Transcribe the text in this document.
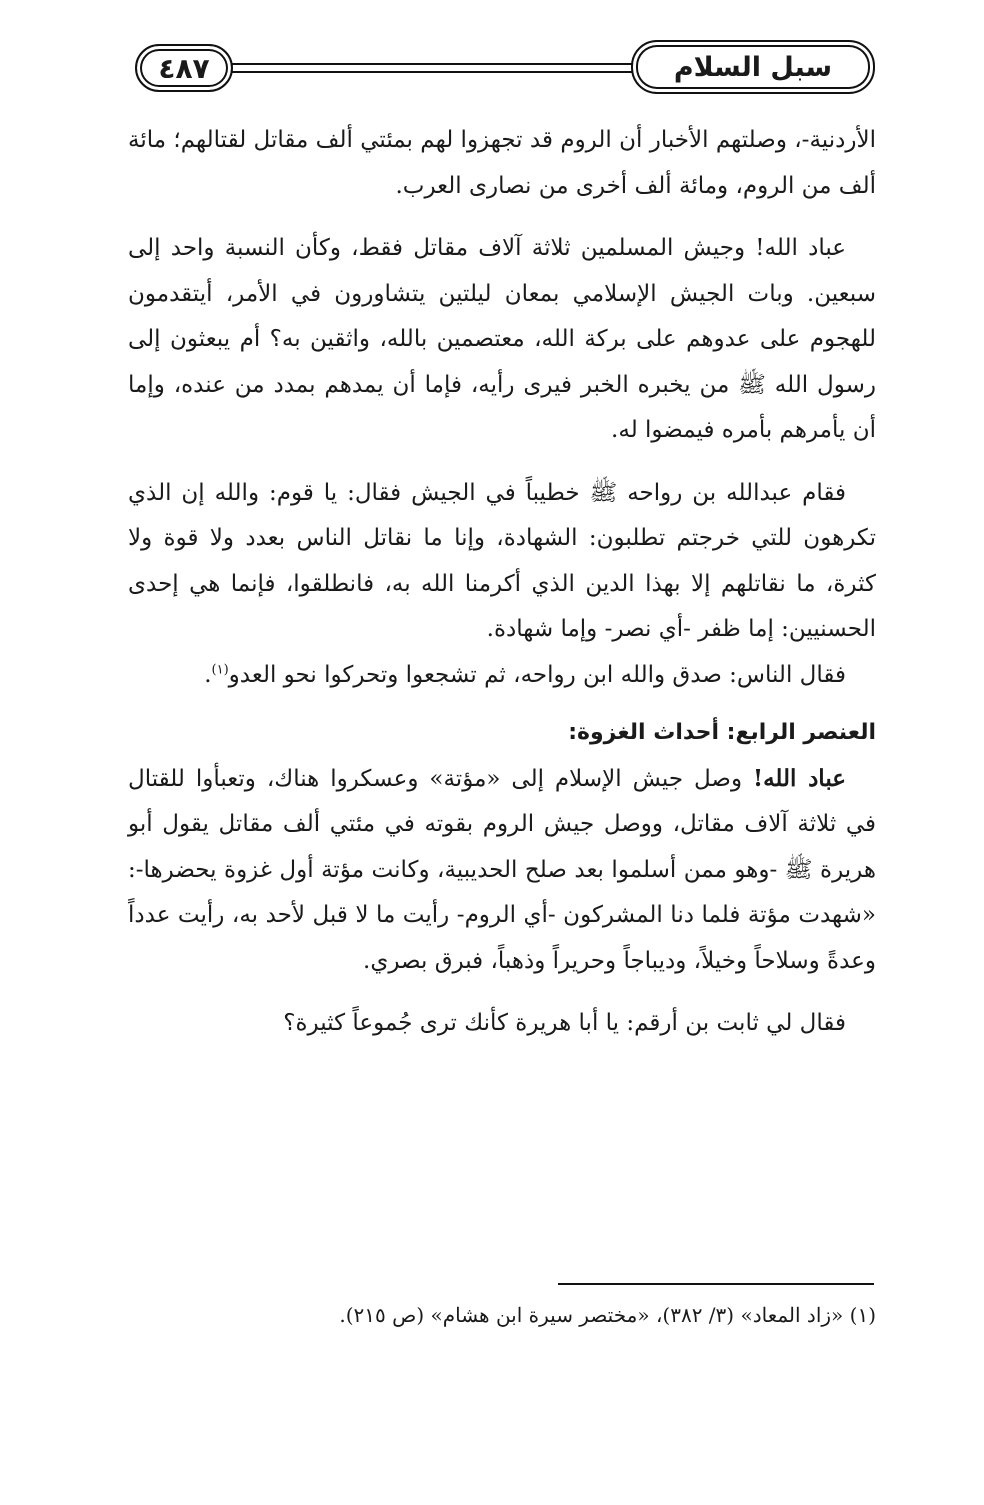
٤٨٧	سبل السلام

الأردنية-، وصلتهم الأخبار أن الروم قد تجهزوا لهم بمئتي ألف مقاتل لقتالهم؛ مائة ألف من الروم، ومائة ألف أخرى من نصارى العرب.

عباد الله! وجيش المسلمين ثلاثة آلاف مقاتل فقط، وكأن النسبة واحد إلى سبعين. وبات الجيش الإسلامي بمعان ليلتين يتشاورون في الأمر، أيتقدمون للهجوم على عدوهم على بركة الله، معتصمين بالله، واثقين به؟ أم يبعثون إلى رسول الله ﷺ من يخبره الخبر فيرى رأيه، فإما أن يمدهم بمدد من عنده، وإما أن يأمرهم بأمره فيمضوا له.

فقام عبدالله بن رواحه ﷺ خطيباً في الجيش فقال: يا قوم: والله إن الذي تكرهون للتي خرجتم تطلبون: الشهادة، وإنا ما نقاتل الناس بعدد ولا قوة ولا كثرة، ما نقاتلهم إلا بهذا الدين الذي أكرمنا الله به، فانطلقوا، فإنما هي إحدى الحسنيين: إما ظفر -أي نصر- وإما شهادة.

فقال الناس: صدق والله ابن رواحه، ثم تشجعوا وتحركوا نحو العدو$^{(١)}$.

العنصر الرابع: أحداث الغزوة:

عباد الله! وصل جيش الإسلام إلى «مؤتة» وعسكروا هناك، وتعبأوا للقتال في ثلاثة آلاف مقاتل، ووصل جيش الروم بقوته في مئتي ألف مقاتل يقول أبو هريرة ﷺ -وهو ممن أسلموا بعد صلح الحديبية، وكانت مؤتة أول غزوة يحضرها-: «شهدت مؤتة فلما دنا المشركون -أي الروم- رأيت ما لا قبل لأحد به، رأيت عدداً وعدةً وسلاحاً وخيلاً، وديباجاً وحريراً وذهباً، فبرق بصري.

فقال لي ثابت بن أرقم: يا أبا هريرة كأنك ترى جُموعاً كثيرة؟

(١) «زاد المعاد» (٣/ ٣٨٢)، «مختصر سيرة ابن هشام» (ص ٢١٥).
